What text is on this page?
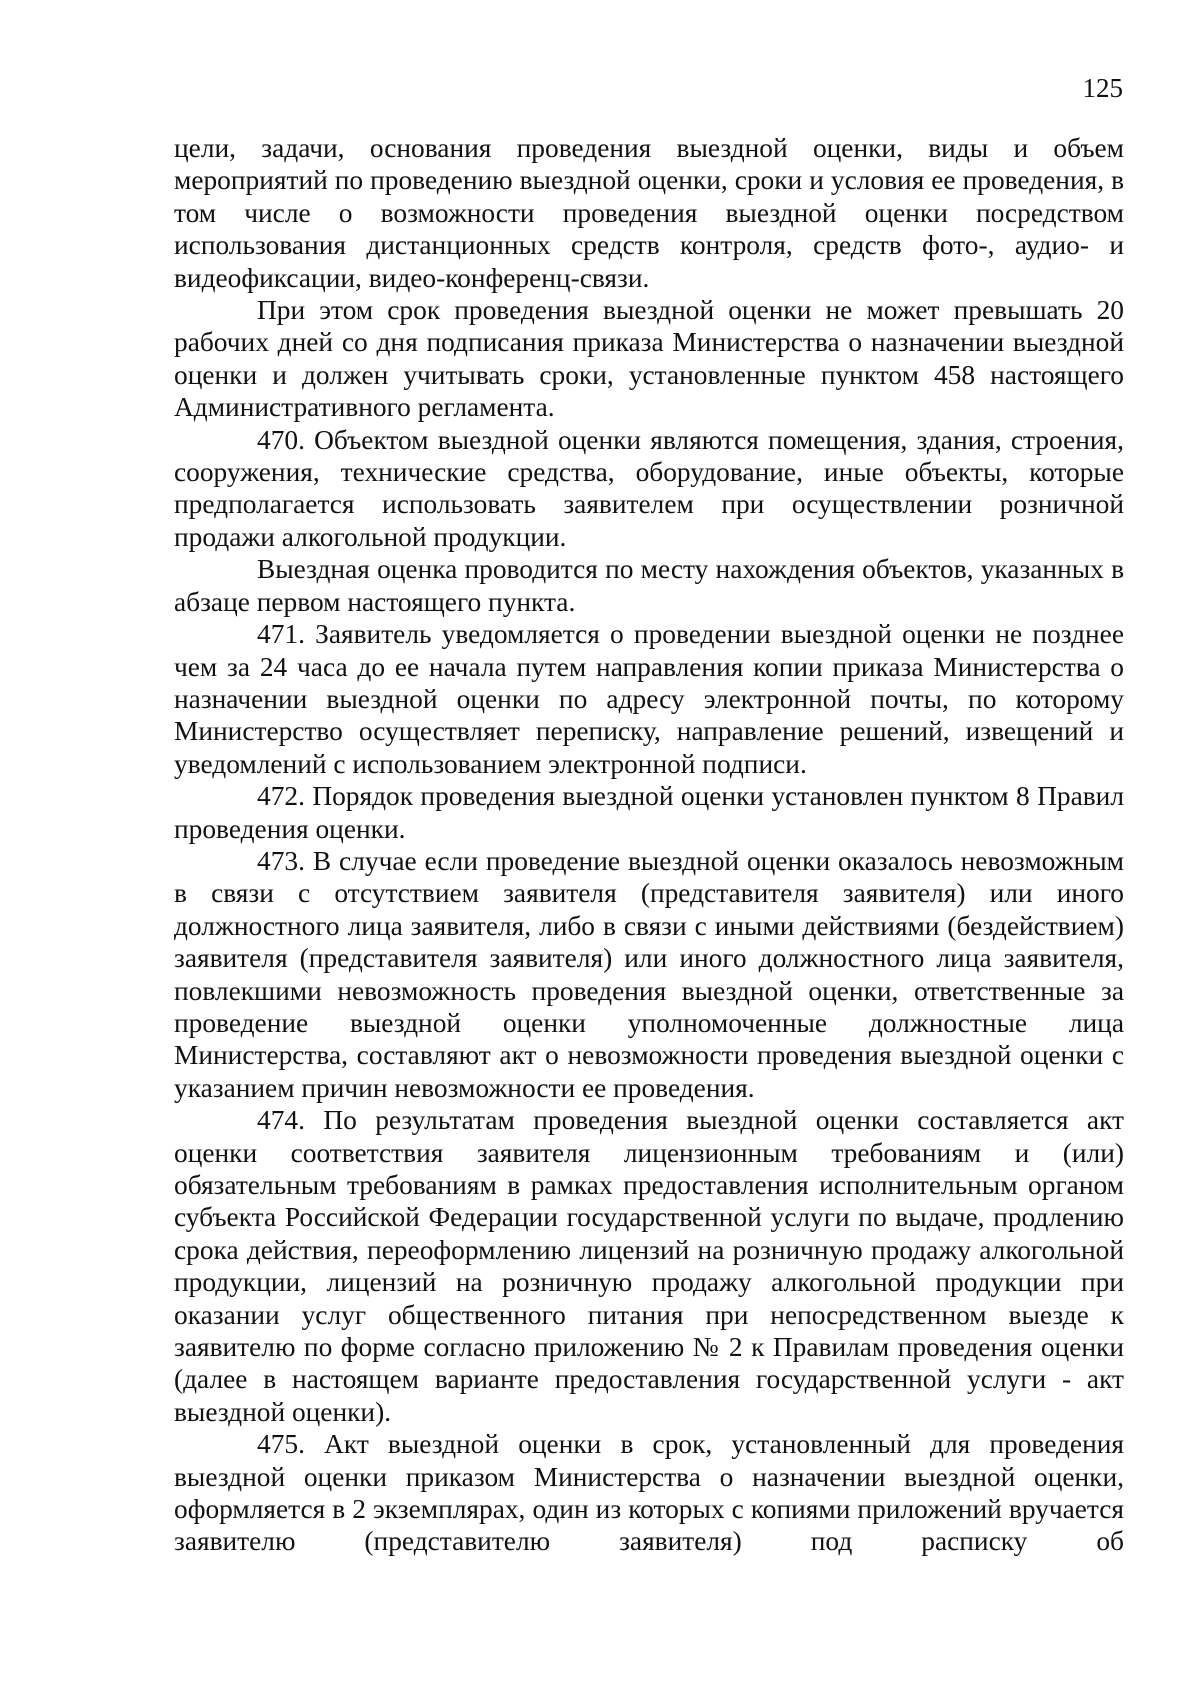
125

цели, задачи, основания проведения выездной оценки, виды и объем мероприятий по проведению выездной оценки, сроки и условия ее проведения, в том числе о возможности проведения выездной оценки посредством использования дистанционных средств контроля, средств фото-, аудио- и видеофиксации, видео-конференц-связи.

При этом срок проведения выездной оценки не может превышать 20 рабочих дней со дня подписания приказа Министерства о назначении выездной оценки и должен учитывать сроки, установленные пунктом 458 настоящего Административного регламента.

470. Объектом выездной оценки являются помещения, здания, строения, сооружения, технические средства, оборудование, иные объекты, которые предполагается использовать заявителем при осуществлении розничной продажи алкогольной продукции.

Выездная оценка проводится по месту нахождения объектов, указанных в абзаце первом настоящего пункта.

471. Заявитель уведомляется о проведении выездной оценки не позднее чем за 24 часа до ее начала путем направления копии приказа Министерства о назначении выездной оценки по адресу электронной почты, по которому Министерство осуществляет переписку, направление решений, извещений и уведомлений с использованием электронной подписи.

472. Порядок проведения выездной оценки установлен пунктом 8 Правил проведения оценки.

473. В случае если проведение выездной оценки оказалось невозможным в связи с отсутствием заявителя (представителя заявителя) или иного должностного лица заявителя, либо в связи с иными действиями (бездействием) заявителя (представителя заявителя) или иного должностного лица заявителя, повлекшими невозможность проведения выездной оценки, ответственные за проведение выездной оценки уполномоченные должностные лица Министерства, составляют акт о невозможности проведения выездной оценки с указанием причин невозможности ее проведения.

474. По результатам проведения выездной оценки составляется акт оценки соответствия заявителя лицензионным требованиям и (или) обязательным требованиям в рамках предоставления исполнительным органом субъекта Российской Федерации государственной услуги по выдаче, продлению срока действия, переоформлению лицензий на розничную продажу алкогольной продукции, лицензий на розничную продажу алкогольной продукции при оказании услуг общественного питания при непосредственном выезде к заявителю по форме согласно приложению № 2 к Правилам проведения оценки (далее в настоящем варианте предоставления государственной услуги - акт выездной оценки).

475. Акт выездной оценки в срок, установленный для проведения выездной оценки приказом Министерства о назначении выездной оценки, оформляется в 2 экземплярах, один из которых с копиями приложений вручается заявителю (представителю заявителя) под расписку об
